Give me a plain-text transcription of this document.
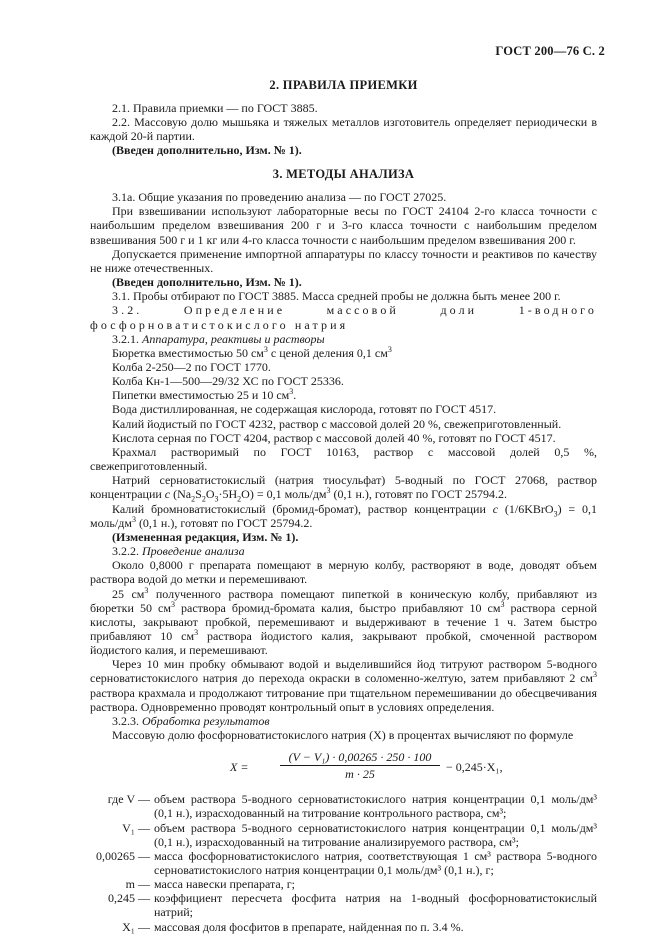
ГОСТ 200—76 С. 2
2. ПРАВИЛА ПРИЕМКИ

2.1. Правила приемки — по ГОСТ 3885.

2.2. Массовую долю мышьяка и тяжелых металлов изготовитель определяет периодически в каждой 20-й партии.

(Введен дополнительно, Изм. № 1).

3. МЕТОДЫ АНАЛИЗА

3.1а. Общие указания по проведению анализа — по ГОСТ 27025.

При взвешивании используют лабораторные весы по ГОСТ 24104 2-го класса точности с наибольшим пределом взвешивания 200 г и 3-го класса точности с наибольшим пределом взвешивания 500 г и 1 кг или 4-го класса точности с наибольшим пределом взвешивания 200 г.

Допускается применение импортной аппаратуры по классу точности и реактивов по качеству не ниже отечественных.

(Введен дополнительно, Изм. № 1).

3.1. Пробы отбирают по ГОСТ 3885. Масса средней пробы не должна быть менее 200 г.

3.2. Определение массовой доли 1-водного фосфорноватистокислого натрия

3.2.1. Аппаратура, реактивы и растворы

Бюретка вместимостью 50 $см^3$ с ценой деления 0,1 $см^3$

Колба 2-250—2 по ГОСТ 1770.

Колба Кн-1—500—29/32 ХС по ГОСТ 25336.

Пипетки вместимостью 25 и 10 $см^3$.

Вода дистиллированная, не содержащая кислорода, готовят по ГОСТ 4517.

Калий йодистый по ГОСТ 4232, раствор с массовой долей 20 %, свежеприготовленный.

Кислота серная по ГОСТ 4204, раствор с массовой долей 40 %, готовят по ГОСТ 4517.

Крахмал растворимый по ГОСТ 10163, раствор с массовой долей 0,5 %, свежеприготовленный.

Натрий серноватистокислый (натрия тиосульфат) 5-водный по ГОСТ 27068, раствор концентрации c $(Na_2S_2O_3\cdot 5H_2O) = 0,1$ моль/$дм^3$ (0,1 н.), готовят по ГОСТ 25794.2.

Калий бромноватистокислый (бромид-бромат), раствор концентрации c (1/6KBrO$_3$) = 0,1 моль/$дм^3$ (0,1 н.), готовят по ГОСТ 25794.2.

(Измененная редакция, Изм. № 1).

3.2.2. Проведение анализа

Около 0,8000 г препарата помещают в мерную колбу, растворяют в воде, доводят объем раствора водой до метки и перемешивают.

25 $см^3$ полученного раствора помещают пипеткой в коническую колбу, прибавляют из бюретки 50 $см^3$ раствора бромид-бромата калия, быстро прибавляют 10 $см^3$ раствора серной кислоты, закрывают пробкой, перемешивают и выдерживают в течение 1 ч. Затем быстро прибавляют 10 $см^3$ раствора йодистого калия, закрывают пробкой, смоченной раствором йодистого калия, и перемешивают.

Через 10 мин пробку обмывают водой и выделившийся йод титруют раствором 5-водного серноватистокислого натрия до перехода окраски в соломенно-желтую, затем прибавляют 2 $см^3$ раствора крахмала и продолжают титрование при тщательном перемешивании до обесцвечивания раствора. Одновременно проводят контрольный опыт в условиях определения.

3.2.3. Обработка результатов

Массовую долю фосфорноватистокислого натрия (X) в процентах вычисляют по формуле

X =	$\frac{\text{(V − V₁) · 0,00265 · 250 · 100}}{m \cdot 25} - 0,245\cdot X_1$,
где V — объем раствора 5-водного серноватистокислого натрия концентрации 0,1 моль/дм³ (0,1 н.), израсходованный на титрование контрольного раствора, см³;
V₁ — объем раствора 5-водного серноватистокислого натрия концентрации 0,1 моль/дм³ (0,1 н.), израсходованный на титрование анализируемого раствора, см³;
0,00265 — масса фосфорноватистокислого натрия, соответствующая 1 см³ раствора 5-водного серноватистокислого натрия концентрации 0,1 моль/дм³ (0,1 н.), г;
m — масса навески препарата, г;
0,245 — коэффициент пересчета фосфита натрия на 1-водный фосфорноватистокислый натрий;
X₁ — массовая доля фосфитов в препарате, найденная по п. 3.4 %.
